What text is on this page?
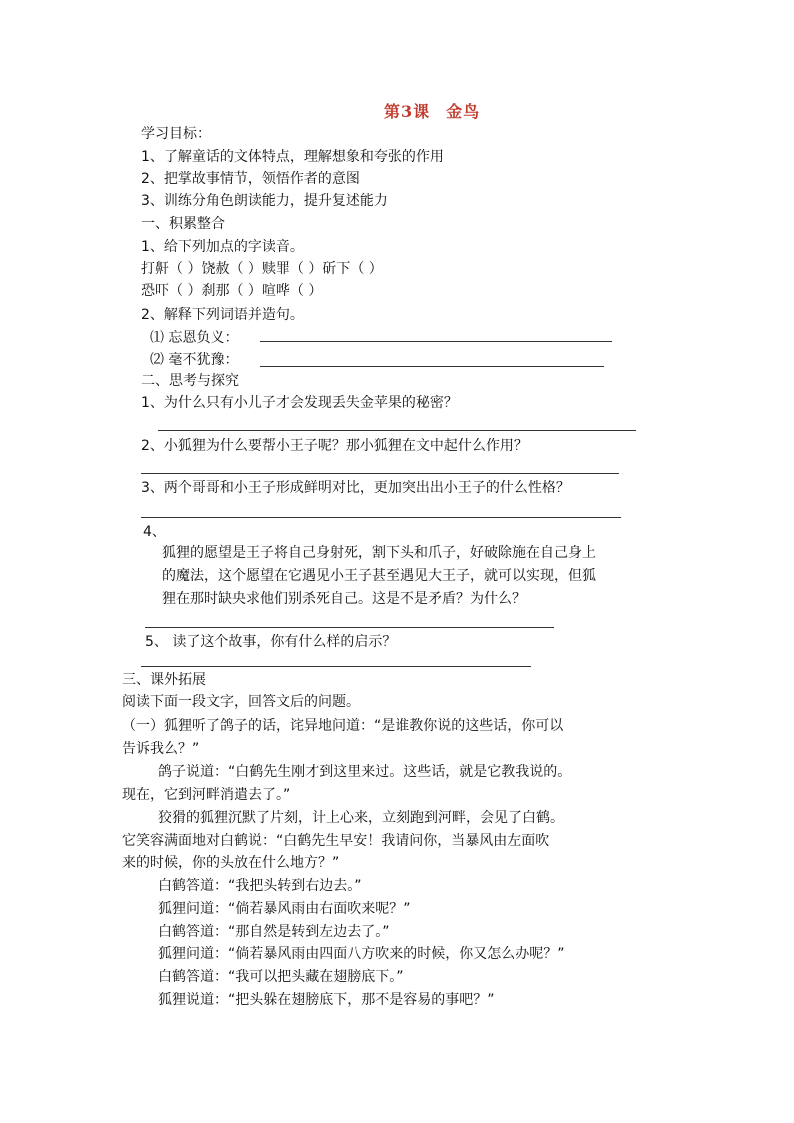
第3课 金鸟
学习目标：
1、了解童话的文体特点，理解想象和夸张的作用
2、把掌故事情节，领悟作者的意图
3、训练分角色朗读能力，提升复述能力
一、积累整合
1、给下列加点的字读音。
打鼾（ ）饶赦（ ）赎罪（ ）斫下（ ）
恐吓（ ）刹那（ ）喧哗（ ）
2、解释下列词语并造句。
⑴ 忘恩负义：
⑵ 毫不犹豫：
二、思考与探究
1、为什么只有小儿子才会发现丢失金苹果的秘密？
2、小狐狸为什么要帮小王子呢？那小狐狸在文中起什么作用？
3、两个哥哥和小王子形成鲜明对比，更加突出出小王子的什么性格？
4、
狐狸的愿望是王子将自己身射死，割下头和爪子，好破除施在自己身上
的魔法，这个愿望在它遇见小王子甚至遇见大王子，就可以实现，但狐
狸在那时缺央求他们别杀死自己。这是不是矛盾？为什么？
5、 读了这个故事，你有什么样的启示？
三、课外拓展
阅读下面一段文字，回答文后的问题。
（一）狐狸听了鸽子的话，诧异地问道：“是谁教你说的这些话，你可以
告诉我么？”
鸽子说道：“白鹤先生刚才到这里来过。这些话，就是它教我说的。
现在，它到河畔消遣去了。”
狡猾的狐狸沉默了片刻，计上心来，立刻跑到河畔，会见了白鹤。
它笑容满面地对白鹤说：“白鹤先生早安！我请问你，当暴风由左面吹
来的时候，你的头放在什么地方？”
白鹤答道：“我把头转到右边去。”
狐狸问道：“倘若暴风雨由右面吹来呢？”
白鹤答道：“那自然是转到左边去了。”
狐狸问道：“倘若暴风雨由四面八方吹来的时候，你又怎么办呢？”
白鹤答道：“我可以把头藏在翅膀底下。”
狐狸说道：“把头躲在翅膀底下，那不是容易的事吧？”
